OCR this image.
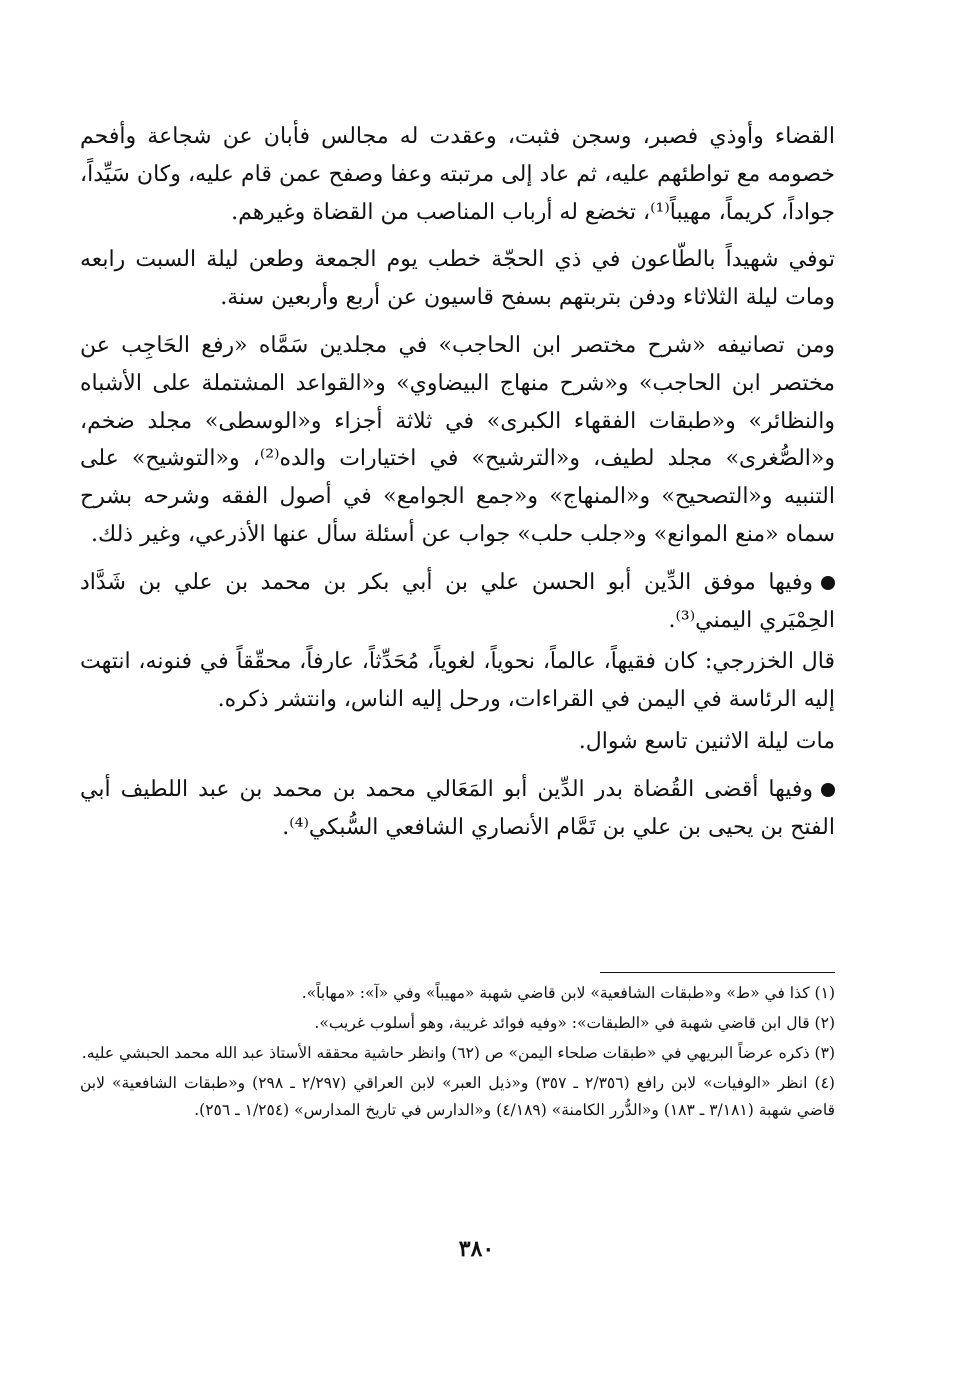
القضاء وأوذي فصبر، وسجن فثبت، وعقدت له مجالس فأبان عن شجاعة وأفحم خصومه مع تواطئهم عليه، ثم عاد إلى مرتبته وعفا وصفح عمن قام عليه، وكان سَيِّداً، جواداً، كريماً، مهيباً⁽¹⁾، تخضع له أرباب المناصب من القضاة وغيرهم.

توفي شهيداً بالطّاعون في ذي الحجّة خطب يوم الجمعة وطعن ليلة السبت رابعه ومات ليلة الثلاثاء ودفن بتربتهم بسفح قاسيون عن أربع وأربعين سنة.

ومن تصانيفه «شرح مختصر ابن الحاجب» في مجلدين سَمَّاه «رفع الحَاجِب عن مختصر ابن الحاجب» و«شرح منهاج البيضاوي» و«القواعد المشتملة على الأشباه والنظائر» و«طبقات الفقهاء الكبرى» في ثلاثة أجزاء و«الوسطى» مجلد ضخم، و«الصُّغرى» مجلد لطيف، و«الترشيح» في اختيارات والده⁽²⁾، و«التوشيح» على التنبيه و«التصحيح» و«المنهاج» و«جمع الجوامع» في أصول الفقه وشرحه بشرح سماه «منع الموانع» و«جلب حلب» جواب عن أسئلة سأل عنها الأذرعي، وغير ذلك.

وفيها موفق الدِّين أبو الحسن علي بن أبي بكر بن محمد بن علي بن شَدَّاد الحِمْيَري اليمني⁽³⁾.

قال الخزرجي: كان فقيهاً، عالماً، نحوياً، لغوياً، مُحَدِّثاً، عارفاً، محقّقاً في فنونه، انتهت إليه الرئاسة في اليمن في القراءات، ورحل إليه الناس، وانتشر ذكره.

مات ليلة الاثنين تاسع شوال.

وفيها أقضى القُضاة بدر الدِّين أبو المَعَالي محمد بن محمد بن عبد اللطيف أبي الفتح بن يحيى بن علي بن تَمَّام الأنصاري الشافعي السُّبكي⁽⁴⁾.

(١) كذا في «ط» و«طبقات الشافعية» لابن قاضي شهبة «مهيباً» وفي «آ»: «مهاباً».

(٢) قال ابن قاضي شهبة في «الطبقات»: «وفيه فوائد غريبة، وهو أسلوب غريب».

(٣) ذكره عرضاً البريهي في «طبقات صلحاء اليمن» ص (٦٢) وانظر حاشية محققه الأستاذ عبد الله محمد الحبشي عليه.

(٤) انظر «الوفيات» لابن رافع (٢/٣٥٦ ـ ٣٥٧) و«ذيل العبر» لابن العراقي (٢/٢٩٧ ـ ٢٩٨) و«طبقات الشافعية» لابن قاضي شهبة (٣/١٨١ ـ ١٨٣) و«الدُّرر الكامنة» (٤/١٨٩) و«الدارس في تاريخ المدارس» (١/٢٥٤ ـ ٢٥٦).

٣٨٠
